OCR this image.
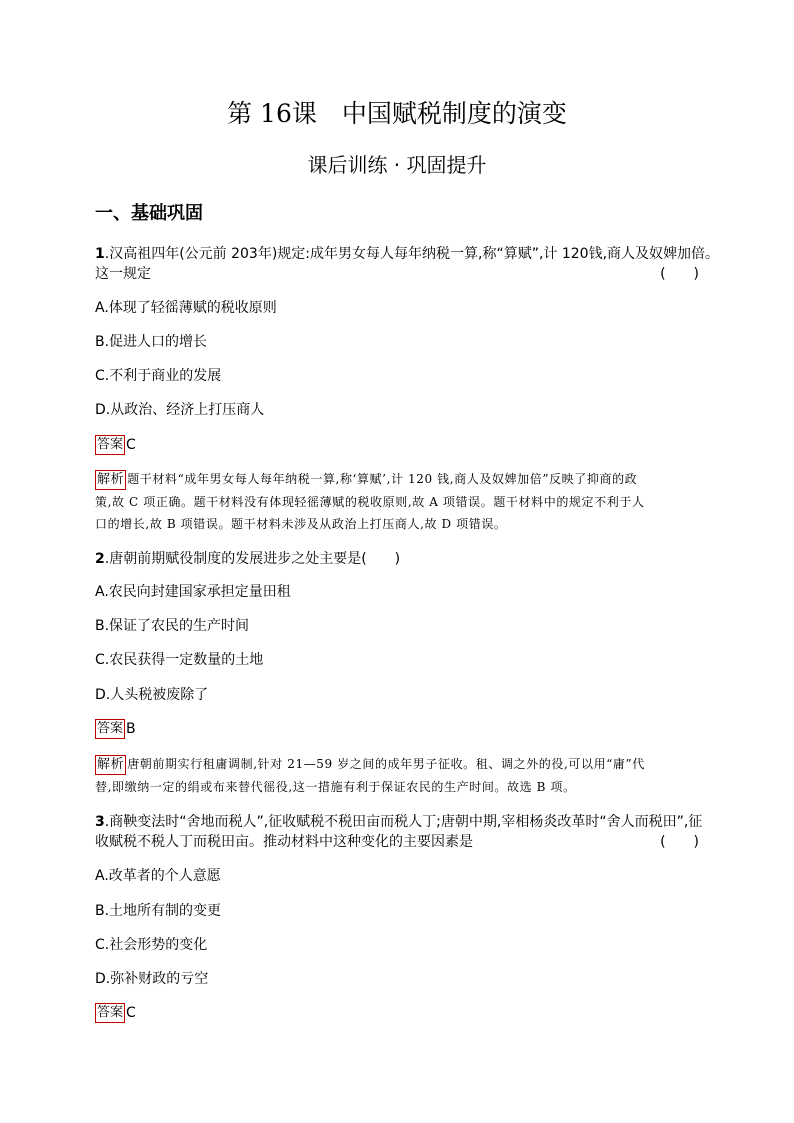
第 16课　中国赋税制度的演变
课后训练 · 巩固提升
一、基础巩固
1.汉高祖四年(公元前 203年)规定:成年男女每人每年纳税一算,称“算赋”,计 120钱,商人及奴婢加倍。
这一规定	(　　)
A.体现了轻徭薄赋的税收原则
B.促进人口的增长
C.不利于商业的发展
D.从政治、经济上打压商人
答案 C
解析 题干材料“成年男女每人每年纳税一算,称‘算赋’,计 120 钱,商人及奴婢加倍”反映了抑商的政
策,故 C 项正确。题干材料没有体现轻徭薄赋的税收原则,故 A 项错误。题干材料中的规定不利于人
口的增长,故 B 项错误。题干材料未涉及从政治上打压商人,故 D 项错误。
2.唐朝前期赋役制度的发展进步之处主要是(　　)
A.农民向封建国家承担定量田租
B.保证了农民的生产时间
C.农民获得一定数量的土地
D.人头税被废除了
答案 B
解析 唐朝前期实行租庸调制,针对 21—59 岁之间的成年男子征收。租、调之外的役,可以用“庸”代
替,即缴纳一定的绢或布来替代徭役,这一措施有利于保证农民的生产时间。故选 B 项。
3.商鞅变法时“舍地而税人”,征收赋税不税田亩而税人丁;唐朝中期,宰相杨炎改革时“舍人而税田”,征
收赋税不税人丁而税田亩。推动材料中这种变化的主要因素是	(　　)
A.改革者的个人意愿
B.土地所有制的变更
C.社会形势的变化
D.弥补财政的亏空
答案 C
